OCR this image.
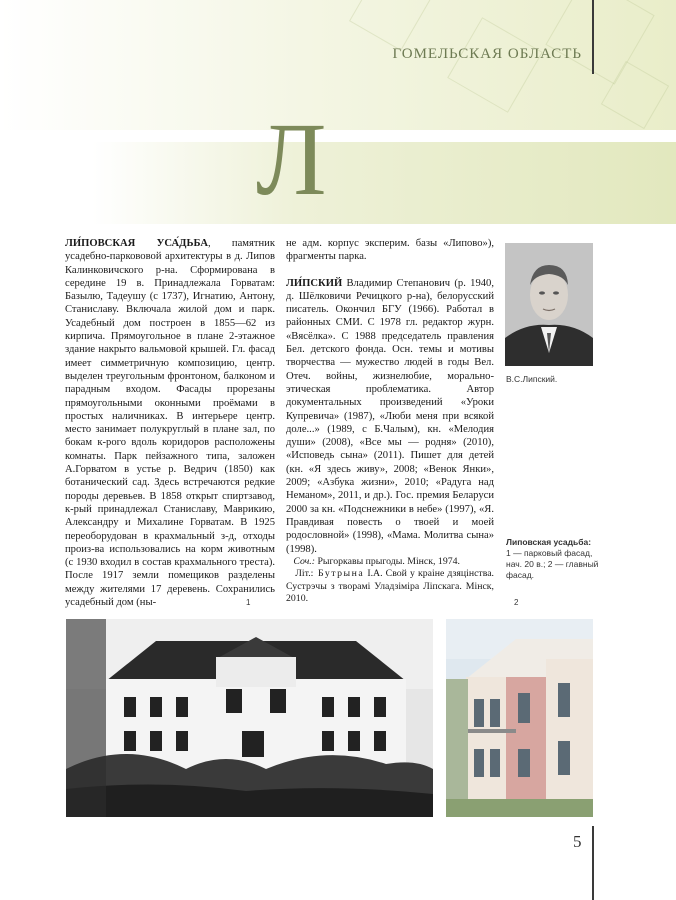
ГОМЕЛЬСКАЯ ОБЛАСТЬ
Л

ЛИ́ПОВСКАЯ УСА́ДЬБА, памятник усадебно-паркововой архитектуры в д. Липов Калинковичского р-на. Сформирована в середине 19 в. Принадлежала Горватам: Базылю, Тадеушу (с 1737), Игнатию, Антону, Станиславу. Включала жилой дом и парк. Усадебный дом построен в 1855—62 из кирпича. Прямоугольное в плане 2-этажное здание накрыто вальмовой крышей. Гл. фасад имеет симметричную композицию, центр. выделен треугольным фронтоном, балконом и парадным входом. Фасады прорезаны прямоугольными оконными проёмами в простых наличниках. В интерьере центр. место занимает полукруглый в плане зал, по бокам к-рого вдоль коридоров расположены комнаты. Парк пейзажного типа, заложен А.Горватом в устье р. Ведрич (1850) как ботанический сад. Здесь встречаются редкие породы деревьев. В 1858 открыт спиртзавод, к-рый принадлежал Станиславу, Маврикию, Александру и Михалине Горватам. В 1925 переоборудован в крахмальный з-д, отходы произ-ва использовались на корм животным (с 1930 входил в состав крахмального треста). После 1917 земли помещиков разделены между жителями 17 деревень. Сохранились усадебный дом (ны-

не адм. корпус эксперим. базы «Липово»), фрагменты парка.

ЛИ́ПСКИЙ Владимир Степанович (р. 1940, д. Шёлковичи Речицкого р-на), белорусский писатель. Окончил БГУ (1966). Работал в районных СМИ. С 1978 гл. редактор журн. «Вясёлка». С 1988 председатель правления Бел. детского фонда. Осн. темы и мотивы творчества — мужество людей в годы Вел. Отеч. войны, жизнелюбие, морально-этическая проблематика. Автор документальных произведений «Уроки Купревича» (1987), «Люби меня при всякой доле...» (1989, с Б.Чалым), кн. «Мелодия души» (2008), «Все мы — родня» (2010), «Исповедь сына» (2011). Пишет для детей (кн. «Я здесь живу», 2008; «Венок Янки», 2009; «Азбука жизни», 2010; «Радуга над Неманом», 2011, и др.). Гос. премия Беларуси 2000 за кн. «Подснежники в небе» (1997), «Я. Правдивая повесть о твоей и моей родословной» (1998), «Мама. Молитва сына» (1998).

Соч.: Рыгоркавы прыгоды. Мінск, 1974.

Літ.: Бутрына І.А. Свой у краіне дзяцінства. Сустрэчы з творамі Уладзіміра Ліпскага. Мінск, 2010.

В.С.Липский.
Липовская усадьба:
1 — парковый фасад, нач. 20 в.; 2 — главный фасад.
1	2
5
